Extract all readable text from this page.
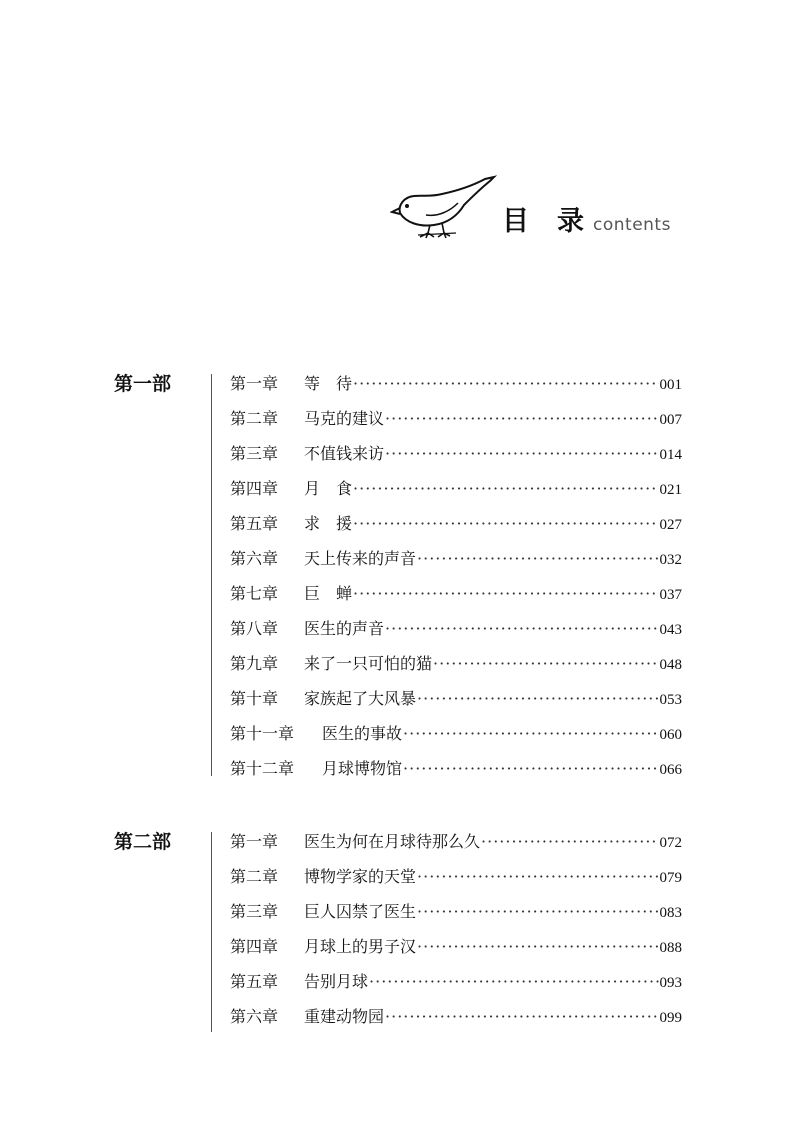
目录
contents
第一部	第一章	等　待 ·····	001
第二章	马克的建议 ·····	007
第三章	不值钱来访 ·····	014
第四章	月　食 ·····	021
第五章	求　援 ·····	027
第六章	天上传来的声音 ·····	032
第七章	巨　蝉 ·····	037
第八章	医生的声音 ·····	043
第九章	来了一只可怕的猫 ·····	048
第十章	家族起了大风暴 ·····	053
第十一章	医生的事故 ·····	060
第十二章	月球博物馆 ·····	066
第二部	第一章	医生为何在月球待那么久 ·····	072
第二章	博物学家的天堂 ·····	079
第三章	巨人囚禁了医生 ·····	083
第四章	月球上的男子汉 ·····	088
第五章	告别月球 ·····	093
第六章	重建动物园 ·····	099
